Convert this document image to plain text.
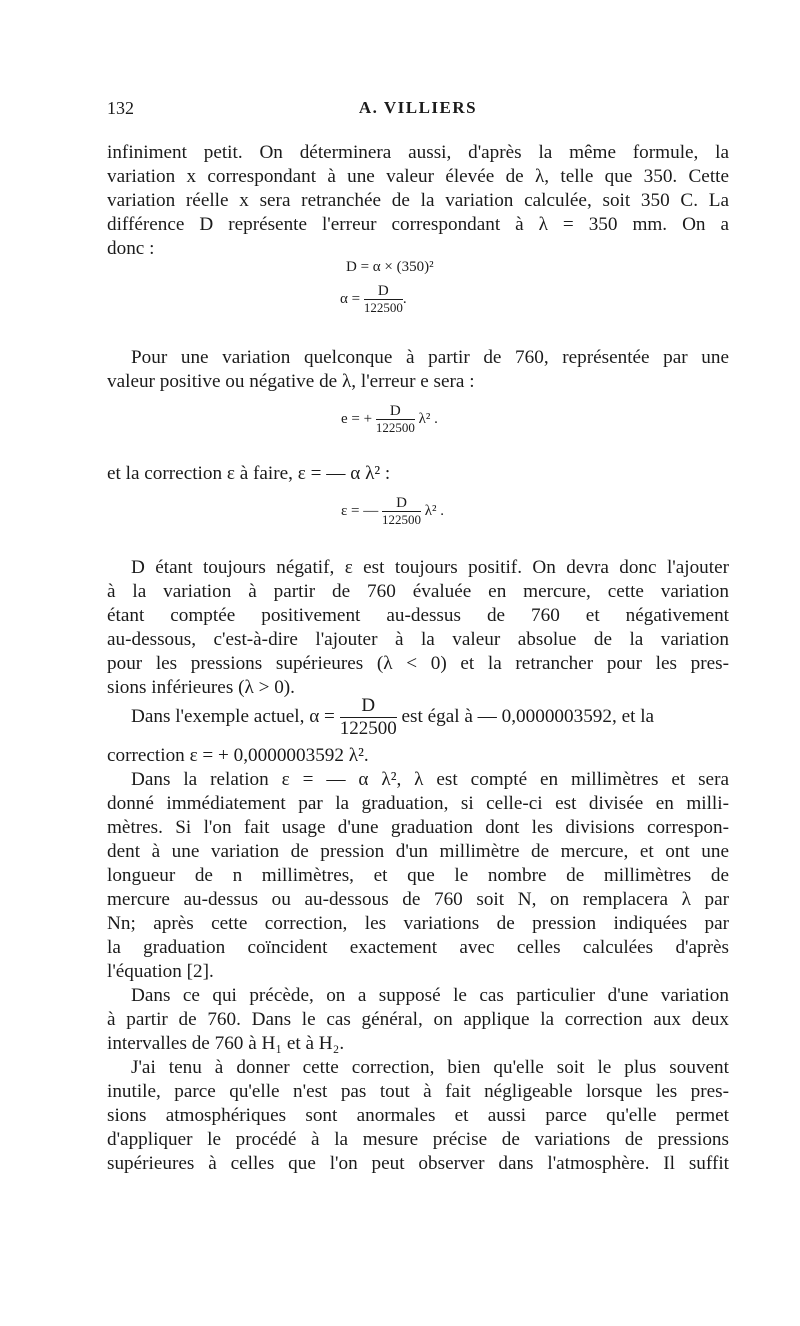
132	A. VILLIERS
infiniment petit. On déterminera aussi, d'après la même formule, la
variation x correspondant à une valeur élevée de λ, telle que 350. Cette
variation réelle x sera retranchée de la variation calculée, soit 350 C. La
différence D représente l'erreur correspondant à λ = 350 mm. On a
donc :
D = α × (350)²
$\alpha = \frac{D}{122500}$ .
Pour une variation quelconque à partir de 760, représentée par une
valeur positive ou négative de λ, l'erreur e sera :
e = + $\frac{D}{122500} \lambda^2$ .
et la correction ε à faire, ε = — α λ² :
ε = — $\frac{D}{122500} \lambda^2$ .
D étant toujours négatif, ε est toujours positif. On devra donc l'ajouter
à la variation à partir de 760 évaluée en mercure, cette variation
étant comptée positivement au-dessus de 760 et négativement
au-dessous, c'est-à-dire l'ajouter à la valeur absolue de la variation
pour les pressions supérieures (λ < 0) et la retrancher pour les pres-
sions inférieures (λ > 0).
Dans l'exemple actuel, $\alpha = \frac{D}{122500}$ est égal à — 0,0000003592, et la
correction ε = + 0,0000003592 λ².
Dans la relation ε = — α λ², λ est compté en millimètres et sera
donné immédiatement par la graduation, si celle-ci est divisée en milli-
mètres. Si l'on fait usage d'une graduation dont les divisions correspon-
dent à une variation de pression d'un millimètre de mercure, et ont une
longueur de n millimètres, et que le nombre de millimètres de
mercure au-dessus ou au-dessous de 760 soit N, on remplacera λ par
Nn; après cette correction, les variations de pression indiquées par
la graduation coïncident exactement avec celles calculées d'après
l'équation [2].
Dans ce qui précède, on a supposé le cas particulier d'une variation
à partir de 760. Dans le cas général, on applique la correction aux deux
intervalles de 760 à H₁ et à H₂.
J'ai tenu à donner cette correction, bien qu'elle soit le plus souvent
inutile, parce qu'elle n'est pas tout à fait négligeable lorsque les pres-
sions atmosphériques sont anormales et aussi parce qu'elle permet
d'appliquer le procédé à la mesure précise de variations de pressions
supérieures à celles que l'on peut observer dans l'atmosphère. Il suffit
